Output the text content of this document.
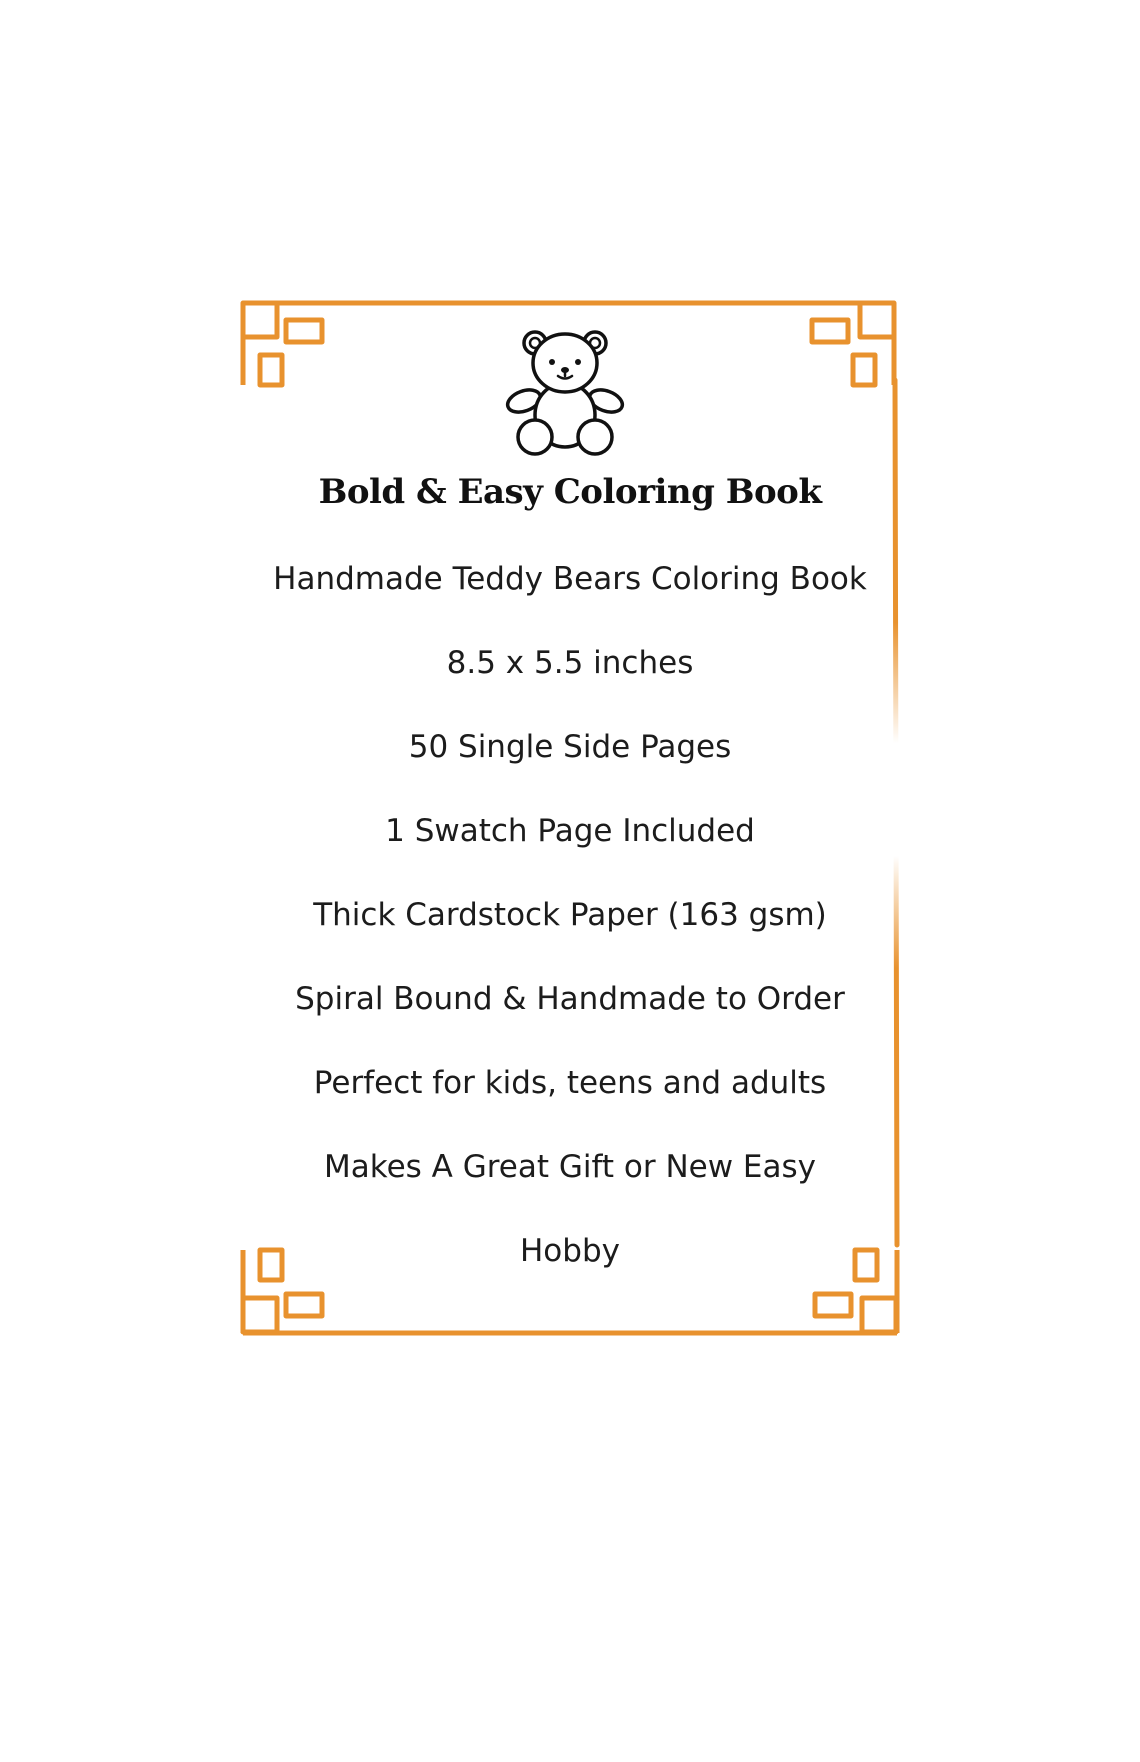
Bold & Easy Coloring Book
Handmade Teddy Bears Coloring Book
8.5 x 5.5 inches
50 Single Side Pages
1 Swatch Page Included
Thick Cardstock Paper (163 gsm)
Spiral Bound & Handmade to Order
Perfect for kids, teens and adults
Makes A Great Gift or New Easy
Hobby
